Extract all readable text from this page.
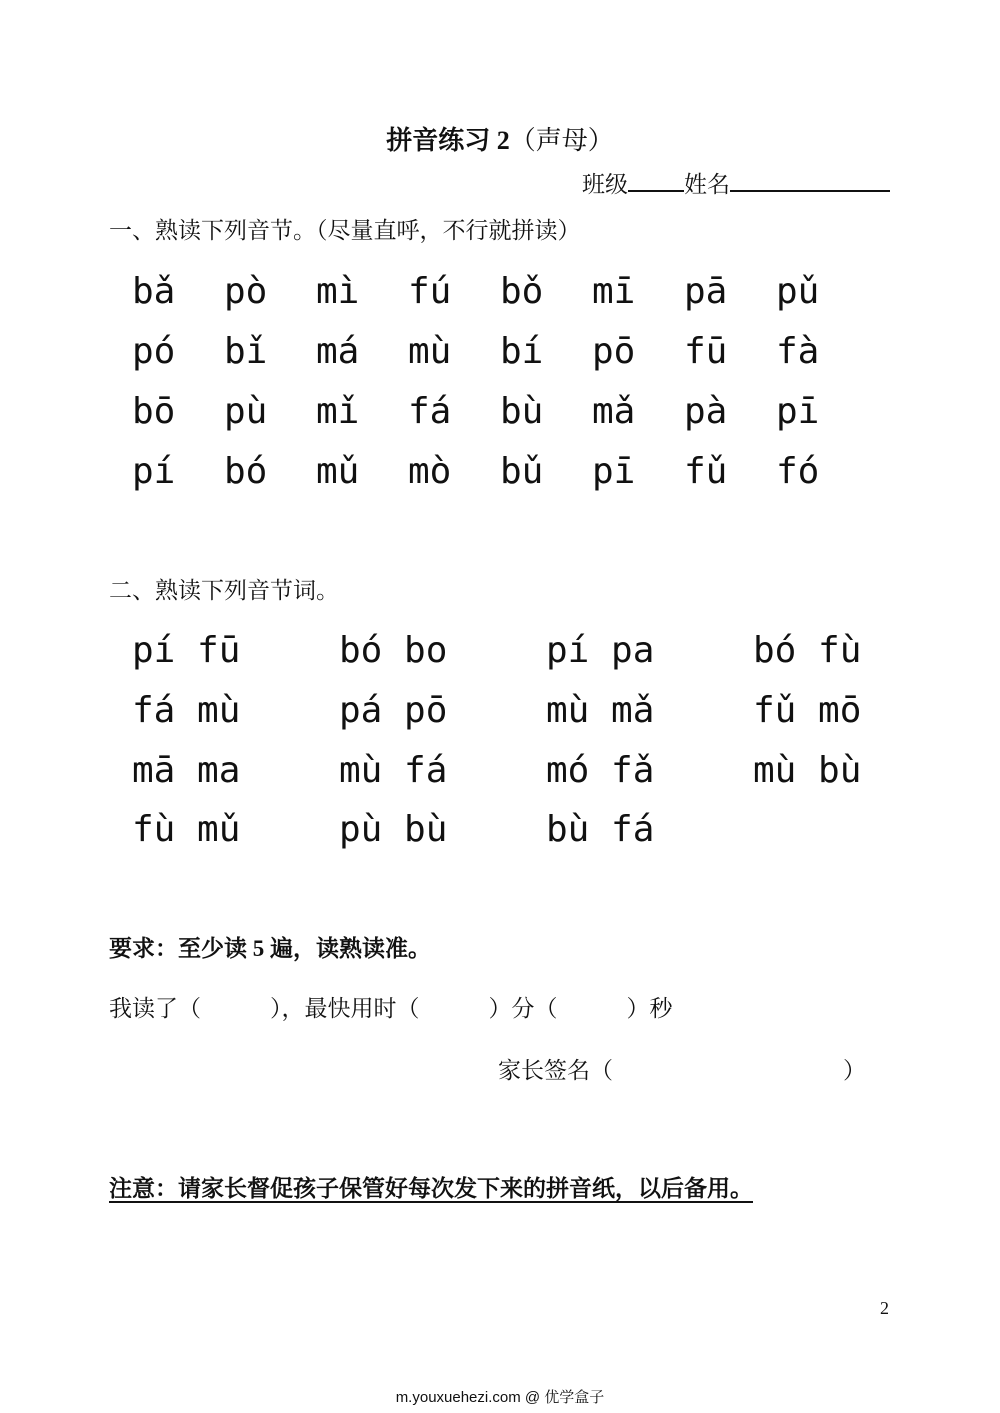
拼音练习 2（声母）
班级 姓名
一、熟读下列音节。（尽量直呼，不行就拼读）
bǎ pò mì fú bǒ mī pā pǔ
pó bǐ má mù bí pō fū fà
bō pù mǐ fá bù mǎ pà pī
pí bó mǔ mò bǔ pī fǔ fó
二、熟读下列音节词。
pí fū	bó bo	pí pa	bó fù
fá mù	pá pō	mù mǎ	fǔ mō
mā ma	mù fá	mó fǎ	mù bù
fù mǔ	pù bù	bù fá
要求：至少读 5 遍，读熟读准。
我读了（　　　），最快用时（　　　）分（　　　）秒
家长签名（　　　　　　　　　　）
注意：请家长督促孩子保管好每次发下来的拼音纸，以后备用。
2
m.youxuehezi.com @ 优学盒子
